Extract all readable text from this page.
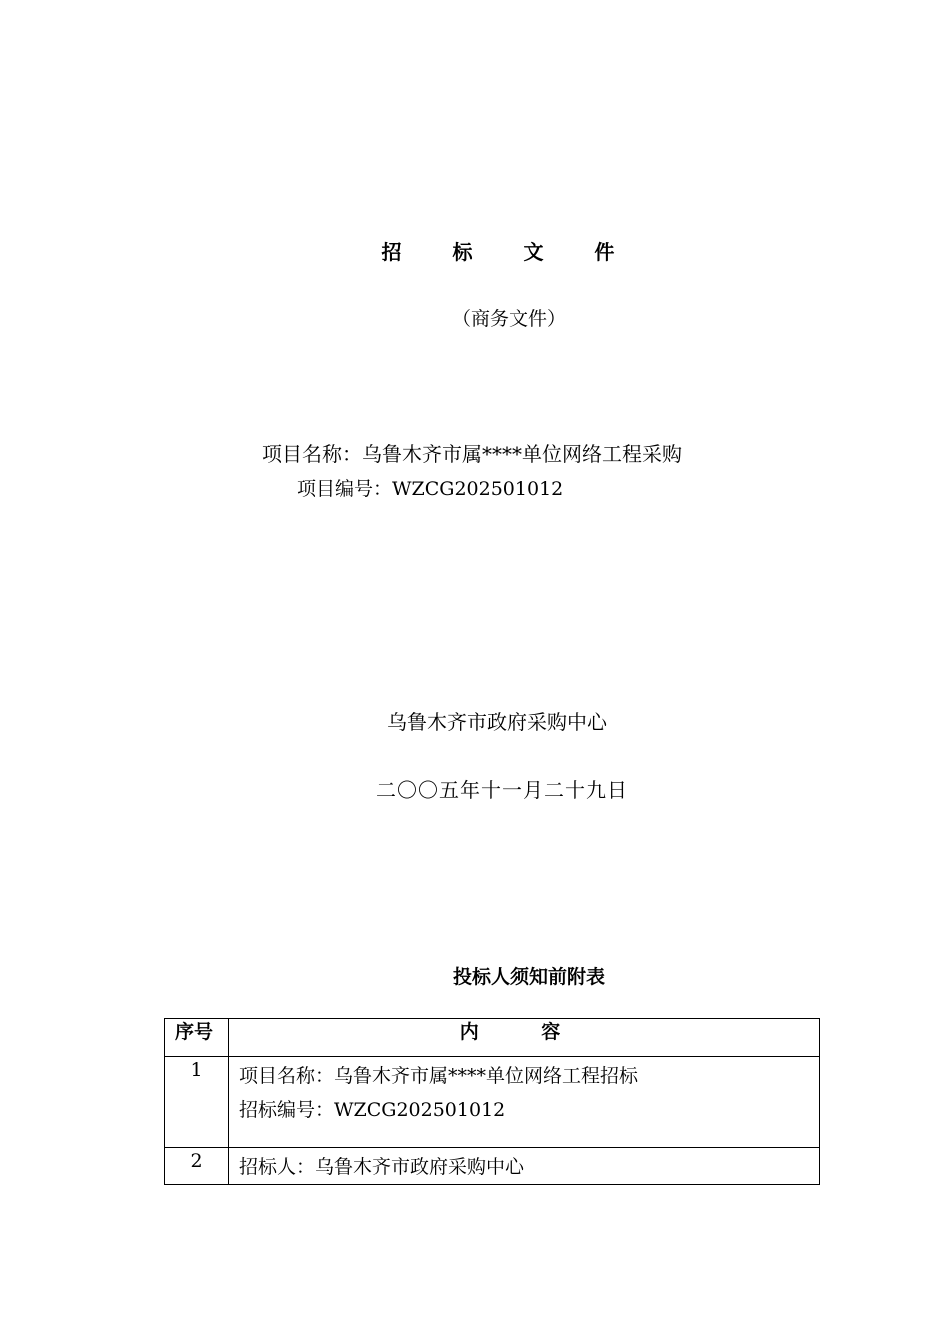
招 标 文 件
（商务文件）
项目名称：乌鲁木齐市属****单位网络工程采购
项目编号：WZCG202501012
乌鲁木齐市政府采购中心
二〇〇五年十一月二十九日
投标人须知前附表
序号	内 容
1	项目名称：乌鲁木齐市属****单位网络工程招标
招标编号：WZCG202501012

2	招标人：乌鲁木齐市政府采购中心
